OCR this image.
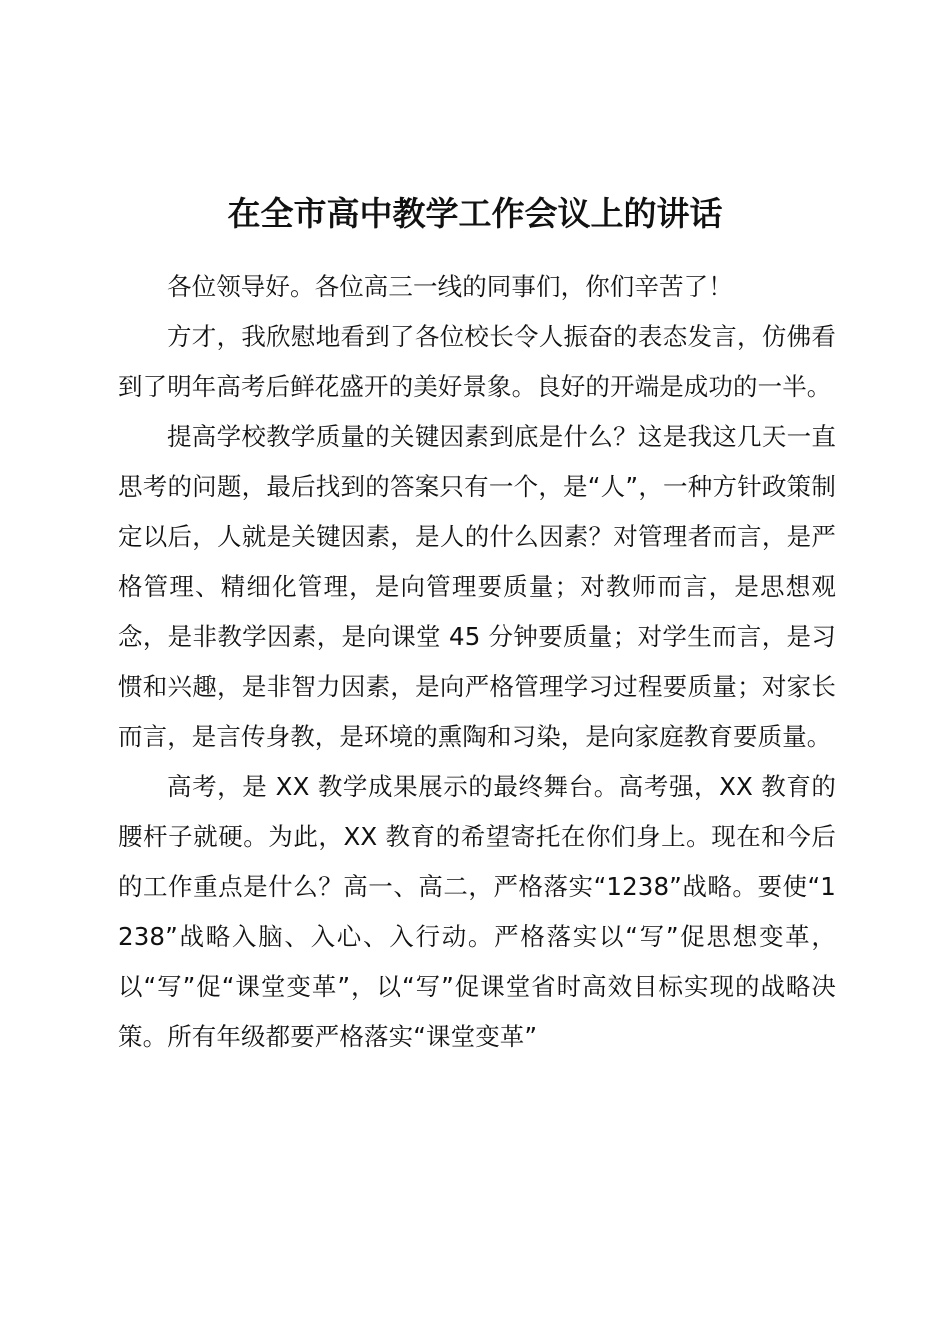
在全市高中教学工作会议上的讲话

各位领导好。各位高三一线的同事们，你们辛苦了！

方才，我欣慰地看到了各位校长令人振奋的表态发言，仿佛看到了明年高考后鲜花盛开的美好景象。良好的开端是成功的一半。

提高学校教学质量的关键因素到底是什么？这是我这几天一直思考的问题，最后找到的答案只有一个，是“人”，一种方针政策制定以后，人就是关键因素，是人的什么因素？对管理者而言，是严格管理、精细化管理，是向管理要质量；对教师而言，是思想观念，是非教学因素，是向课堂 45 分钟要质量；对学生而言，是习惯和兴趣，是非智力因素，是向严格管理学习过程要质量；对家长而言，是言传身教，是环境的熏陶和习染，是向家庭教育要质量。

高考，是 XX 教学成果展示的最终舞台。高考强，XX 教育的腰杆子就硬。为此，XX 教育的希望寄托在你们身上。现在和今后的工作重点是什么？高一、高二，严格落实“1238”战略。要使“1238”战略入脑、入心、入行动。严格落实以“写”促思想变革，以“写”促“课堂变革”，以“写”促课堂省时高效目标实现的战略决策。所有年级都要严格落实“课堂变革”
